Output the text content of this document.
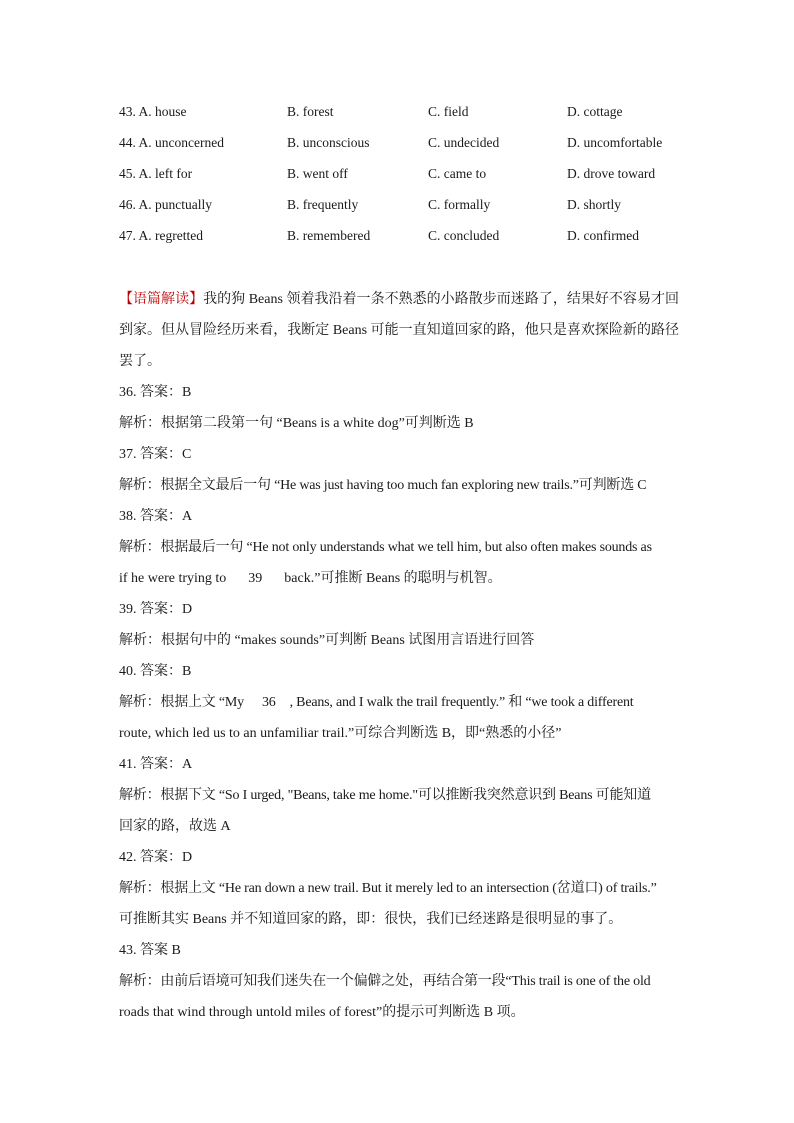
43. A. house	B. forest	C. field	D. cottage
44. A. unconcerned	B. unconscious	C. undecided	D. uncomfortable
45. A. left for	B. went off	C. came to	D. drove toward
46. A. punctually	B. frequently	C. formally	D. shortly
47. A. regretted	B. remembered	C. concluded	D. confirmed
【语篇解读】我的狗 Beans 领着我沿着一条不熟悉的小路散步而迷路了，结果好不容易才回到家。但从冒险经历来看，我断定 Beans 可能一直知道回家的路，他只是喜欢探险新的路径罢了。
36. 答案：B
解析：根据第二段第一句 “Beans is a white dog”可判断选 B
37. 答案：C
解析：根据全文最后一句 “He was just having too much fan exploring new trails.”可判断选 C
38. 答案：A
解析：根据最后一句 “He not only understands what we tell him, but also often makes sounds as
if he were trying to 39 back.”可推断 Beans 的聪明与机智。
39. 答案：D
解析：根据句中的 “makes sounds”可判断 Beans 试图用言语进行回答
40. 答案：B
解析：根据上文 “My 36 , Beans, and I walk the trail frequently.” 和 “we took a different
route, which led us to an unfamiliar trail.”可综合判断选 B，即“熟悉的小径”
41. 答案：A
解析：根据下文 “So I urged, "Beans, take me home."可以推断我突然意识到 Beans 可能知道
回家的路，故选 A
42. 答案：D
解析：根据上文 “He ran down a new trail. But it merely led to an intersection (岔道口) of trails.”
可推断其实 Beans 并不知道回家的路，即：很快，我们已经迷路是很明显的事了。
43. 答案 B
解析：由前后语境可知我们迷失在一个偏僻之处，再结合第一段“This trail is one of the old
roads that wind through untold miles of forest”的提示可判断选 B 项。
